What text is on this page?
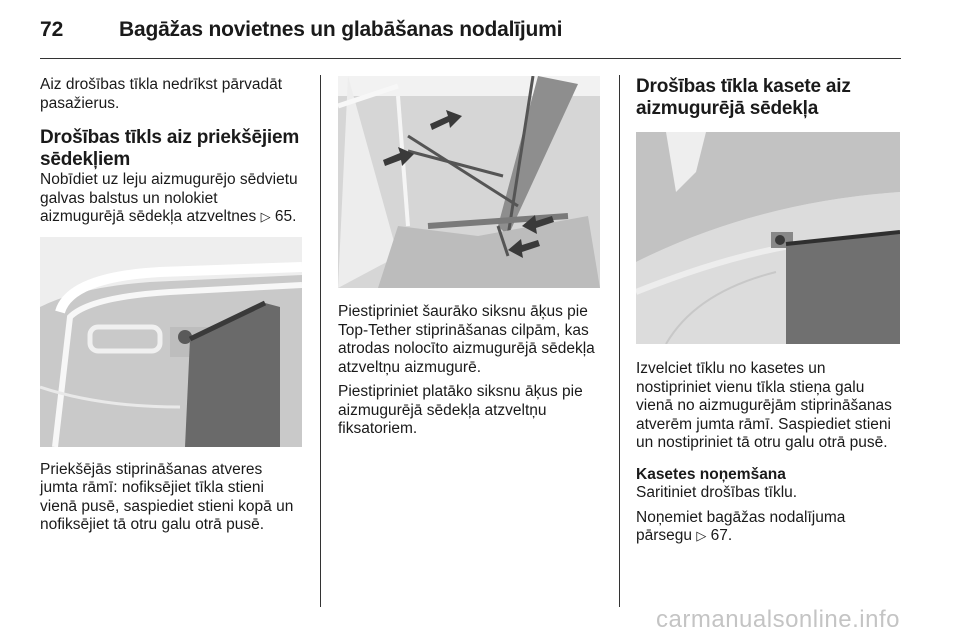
72	Bagāžas novietnes un glabāšanas nodalījumi

Aiz drošības tīkla nedrīkst pārvadāt pasažierus.

Drošības tīkls aiz priekšējiem sēdekļiem

Nobīdiet uz leju aizmugurējo sēdvietu galvas balstus un nolokiet aizmugurējā sēdekļa atzveltnes ▷ 65.

Priekšējās stiprināšanas atveres jumta rāmī: nofiksējiet tīkla stieni vienā pusē, saspiediet stieni kopā un nofiksējiet tā otru galu otrā pusē.

Piestipriniet šaurāko siksnu āķus pie Top-Tether stiprināšanas cilpām, kas atrodas nolocīto aizmugurējā sēdekļa atzveltņu aizmugurē.

Piestipriniet platāko siksnu āķus pie aizmugurējā sēdekļa atzveltņu fiksatoriem.

Drošības tīkla kasete aiz aizmugurējā sēdekļa

Izvelciet tīklu no kasetes un nostipriniet vienu tīkla stieņa galu vienā no aizmugurējām stiprināšanas atverēm jumta rāmī. Saspiediet stieni un nostipriniet tā otru galu otrā pusē.

Kasetes noņemšana

Saritiniet drošības tīklu.

Noņemiet bagāžas nodalījuma pārsegu ▷ 67.

carmanualsonline.info
